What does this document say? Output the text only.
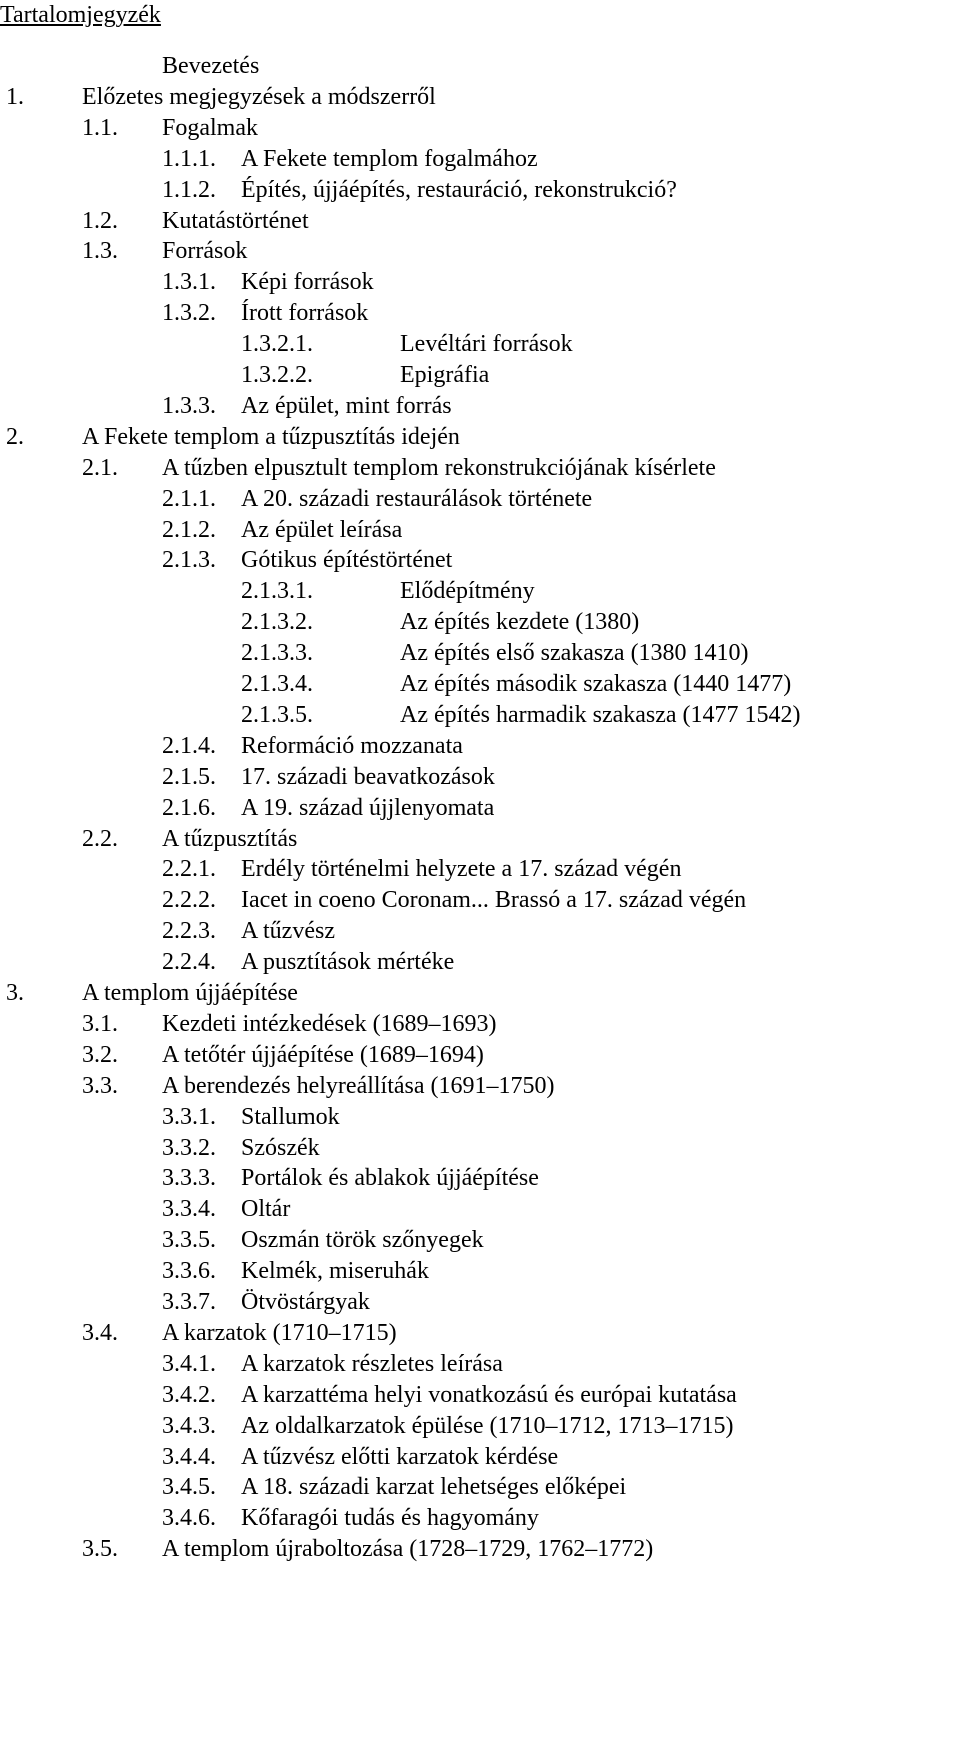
Tartalomjegyzék
Bevezetés
1. Előzetes megjegyzések a módszerről
1.1. Fogalmak
1.1.1. A Fekete templom fogalmához
1.1.2. Építés, újjáépítés, restauráció, rekonstrukció?
1.2. Kutatástörténet
1.3. Források
1.3.1. Képi források
1.3.2. Írott források
1.3.2.1.	Levéltári források
1.3.2.2.	Epigráfia
1.3.3. Az épület, mint forrás
2. A Fekete templom a tűzpusztítás idején
2.1. A tűzben elpusztult templom rekonstrukciójának kísérlete
2.1.1. A 20. századi restaurálások története
2.1.2. Az épület leírása
2.1.3. Gótikus építéstörténet
2.1.3.1.	Elődépítmény
2.1.3.2.	Az építés kezdete (1380)
2.1.3.3.	Az építés első szakasza (1380 1410)
2.1.3.4.	Az építés második szakasza (1440 1477)
2.1.3.5.	Az építés harmadik szakasza (1477 1542)
2.1.4. Reformáció mozzanata
2.1.5. 17. századi beavatkozások
2.1.6. A 19. század újjlenyomata
2.2. A tűzpusztítás
2.2.1. Erdély történelmi helyzete a 17. század végén
2.2.2. Iacet in coeno Coronam... Brassó a 17. század végén
2.2.3. A tűzvész
2.2.4. A pusztítások mértéke
3. A templom újjáépítése
3.1. Kezdeti intézkedések (1689–1693)
3.2. A tetőtér újjáépítése (1689–1694)
3.3. A berendezés helyreállítása (1691–1750)
3.3.1. Stallumok
3.3.2. Szószék
3.3.3. Portálok és ablakok újjáépítése
3.3.4. Oltár
3.3.5. Oszmán török szőnyegek
3.3.6. Kelmék, miseruhák
3.3.7. Ötvöstárgyak
3.4. A karzatok (1710–1715)
3.4.1. A karzatok részletes leírása
3.4.2. A karzattéma helyi vonatkozású és európai kutatása
3.4.3. Az oldalkarzatok épülése (1710–1712, 1713–1715)
3.4.4. A tűzvész előtti karzatok kérdése
3.4.5. A 18. századi karzat lehetséges előképei
3.4.6. Kőfaragói tudás és hagyomány
3.5. A templom újraboltozása (1728–1729, 1762–1772)
